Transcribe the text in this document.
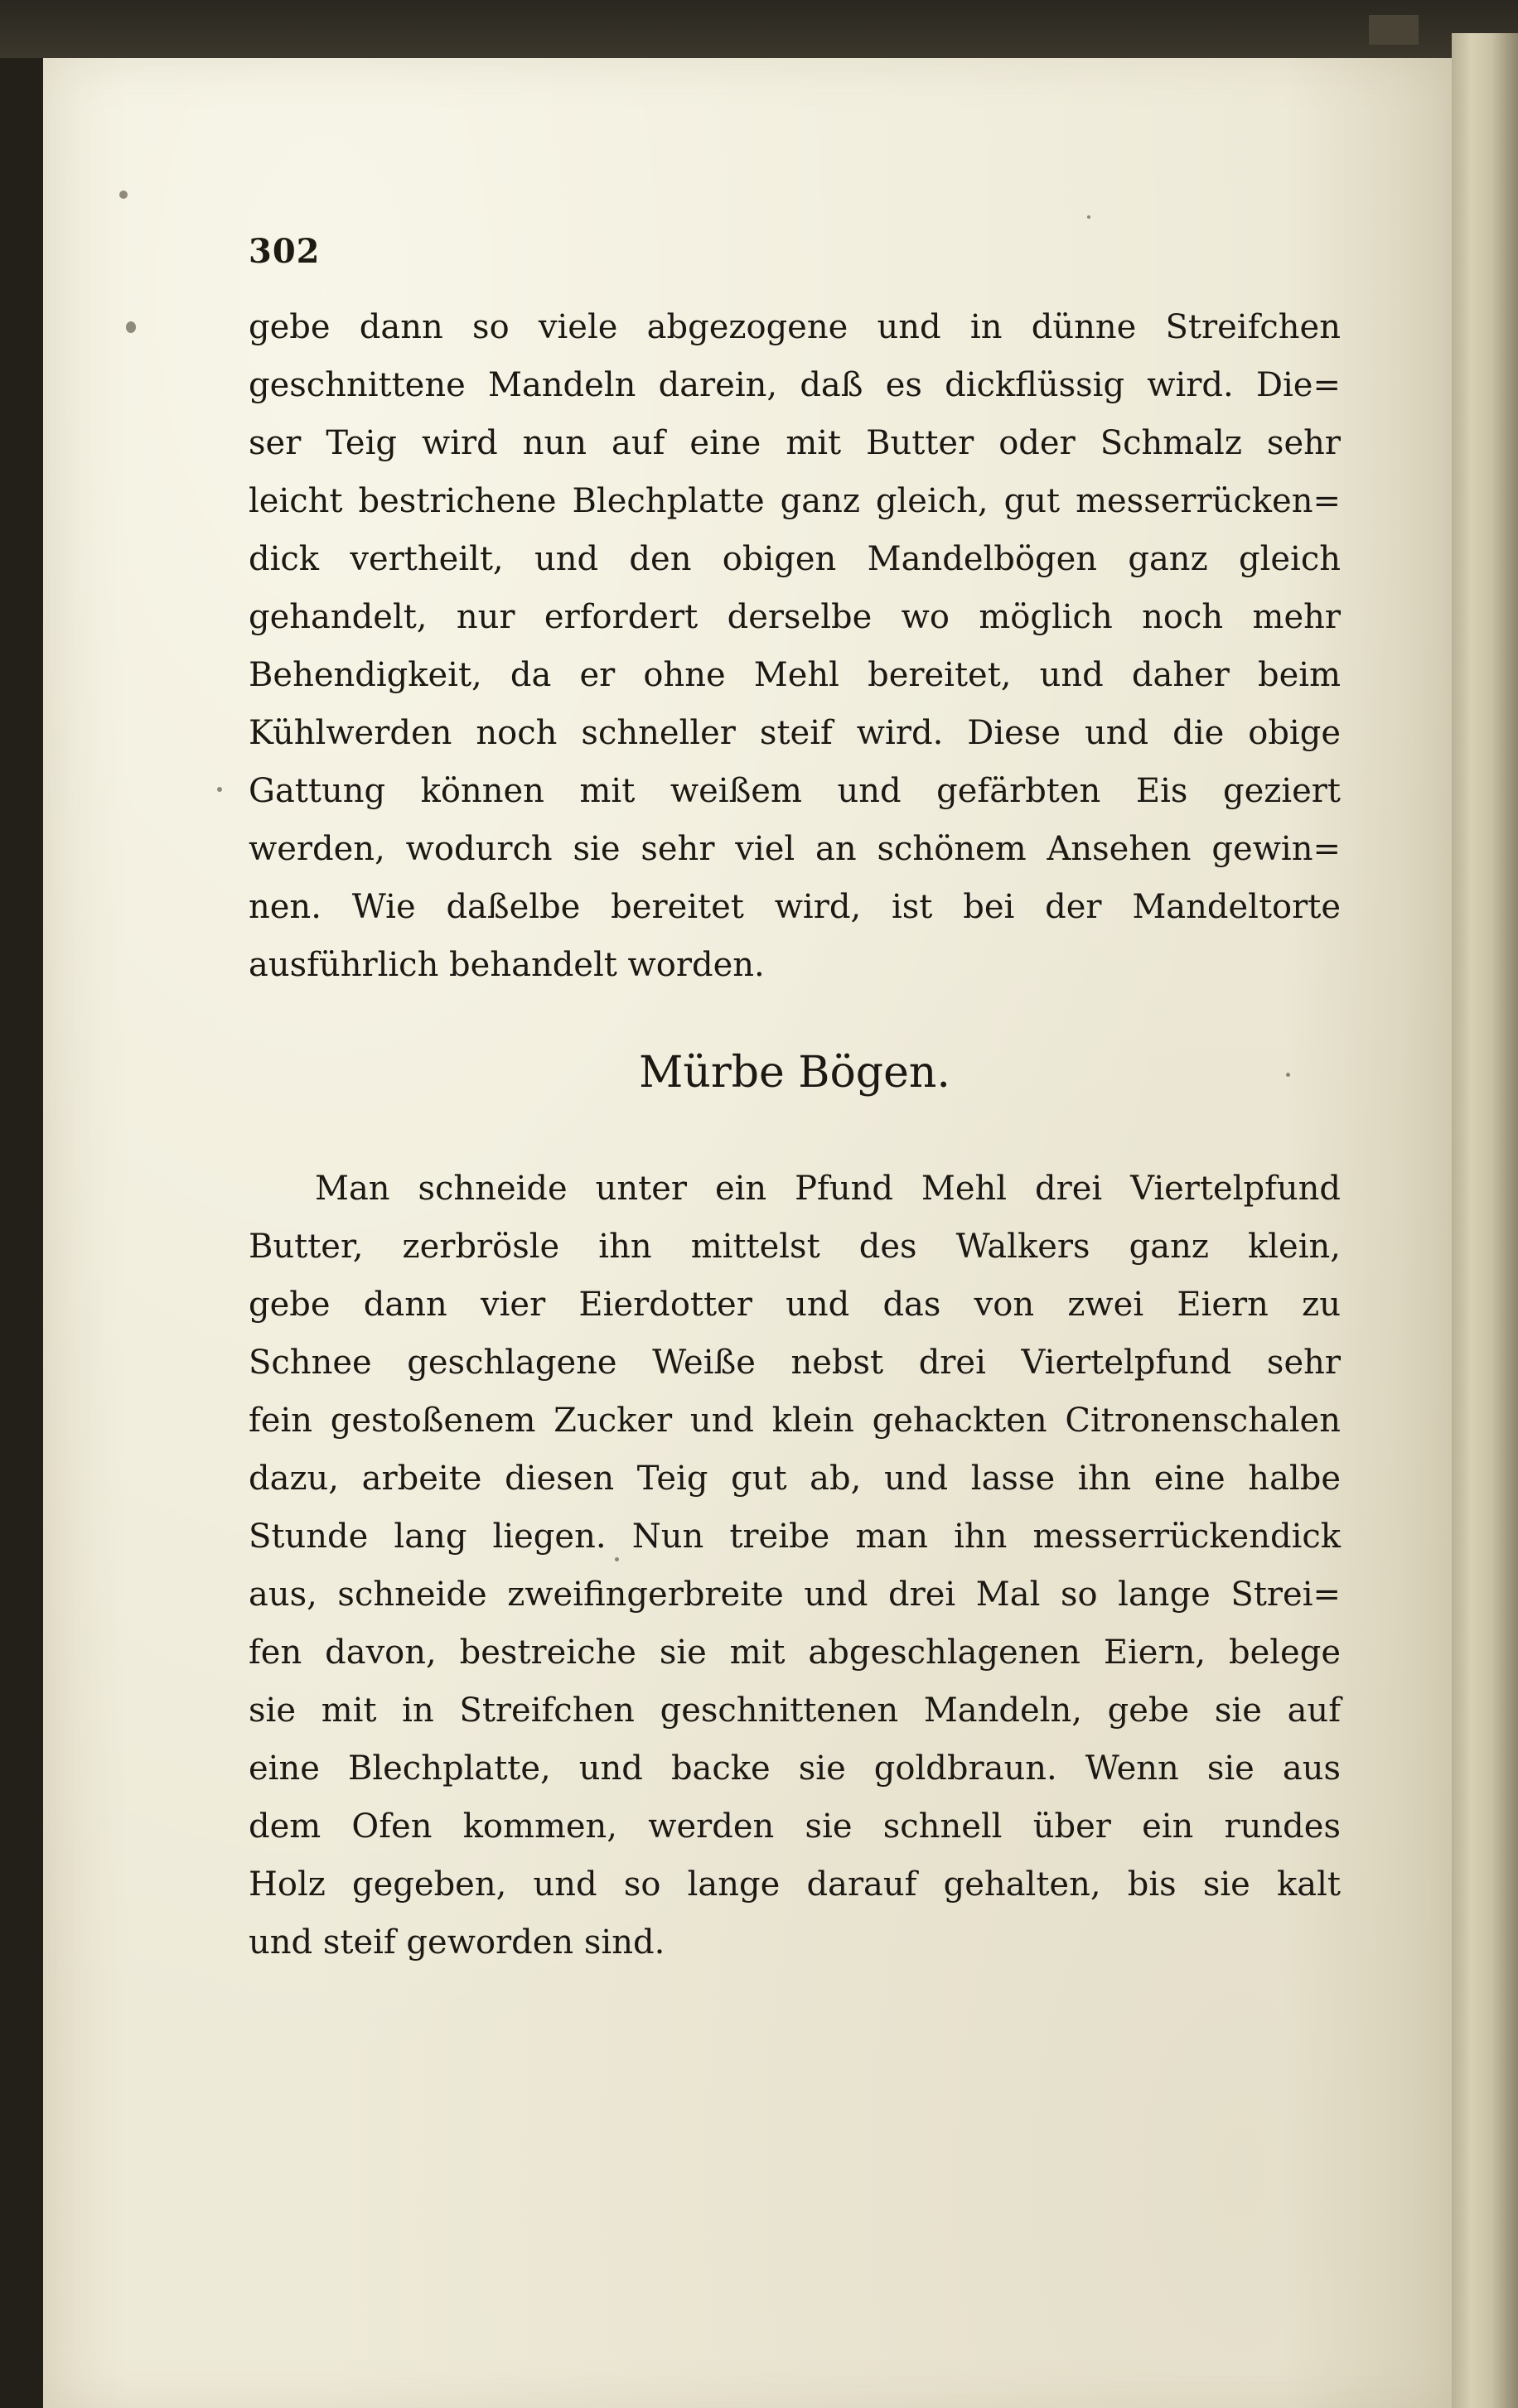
302
gebe dann so viele abgezogene und in dünne Streifchen
geschnittene Mandeln darein, daß es dickflüssig wird. Die=
ser Teig wird nun auf eine mit Butter oder Schmalz sehr
leicht bestrichene Blechplatte ganz gleich, gut messerrücken=
dick vertheilt, und den obigen Mandelbögen ganz gleich
gehandelt, nur erfordert derselbe wo möglich noch mehr
Behendigkeit, da er ohne Mehl bereitet, und daher beim
Kühlwerden noch schneller steif wird. Diese und die obige
Gattung können mit weißem und gefärbten Eis geziert
werden, wodurch sie sehr viel an schönem Ansehen gewin=
nen. Wie daßelbe bereitet wird, ist bei der Mandeltorte
ausführlich behandelt worden.
Mürbe Bögen.
Man schneide unter ein Pfund Mehl drei Viertelpfund
Butter, zerbrösle ihn mittelst des Walkers ganz klein,
gebe dann vier Eierdotter und das von zwei Eiern zu
Schnee geschlagene Weiße nebst drei Viertelpfund sehr
fein gestoßenem Zucker und klein gehackten Citronenschalen
dazu, arbeite diesen Teig gut ab, und lasse ihn eine halbe
Stunde lang liegen. Nun treibe man ihn messerrückendick
aus, schneide zweifingerbreite und drei Mal so lange Strei=
fen davon, bestreiche sie mit abgeschlagenen Eiern, belege
sie mit in Streifchen geschnittenen Mandeln, gebe sie auf
eine Blechplatte, und backe sie goldbraun. Wenn sie aus
dem Ofen kommen, werden sie schnell über ein rundes
Holz gegeben, und so lange darauf gehalten, bis sie kalt
und steif geworden sind.
